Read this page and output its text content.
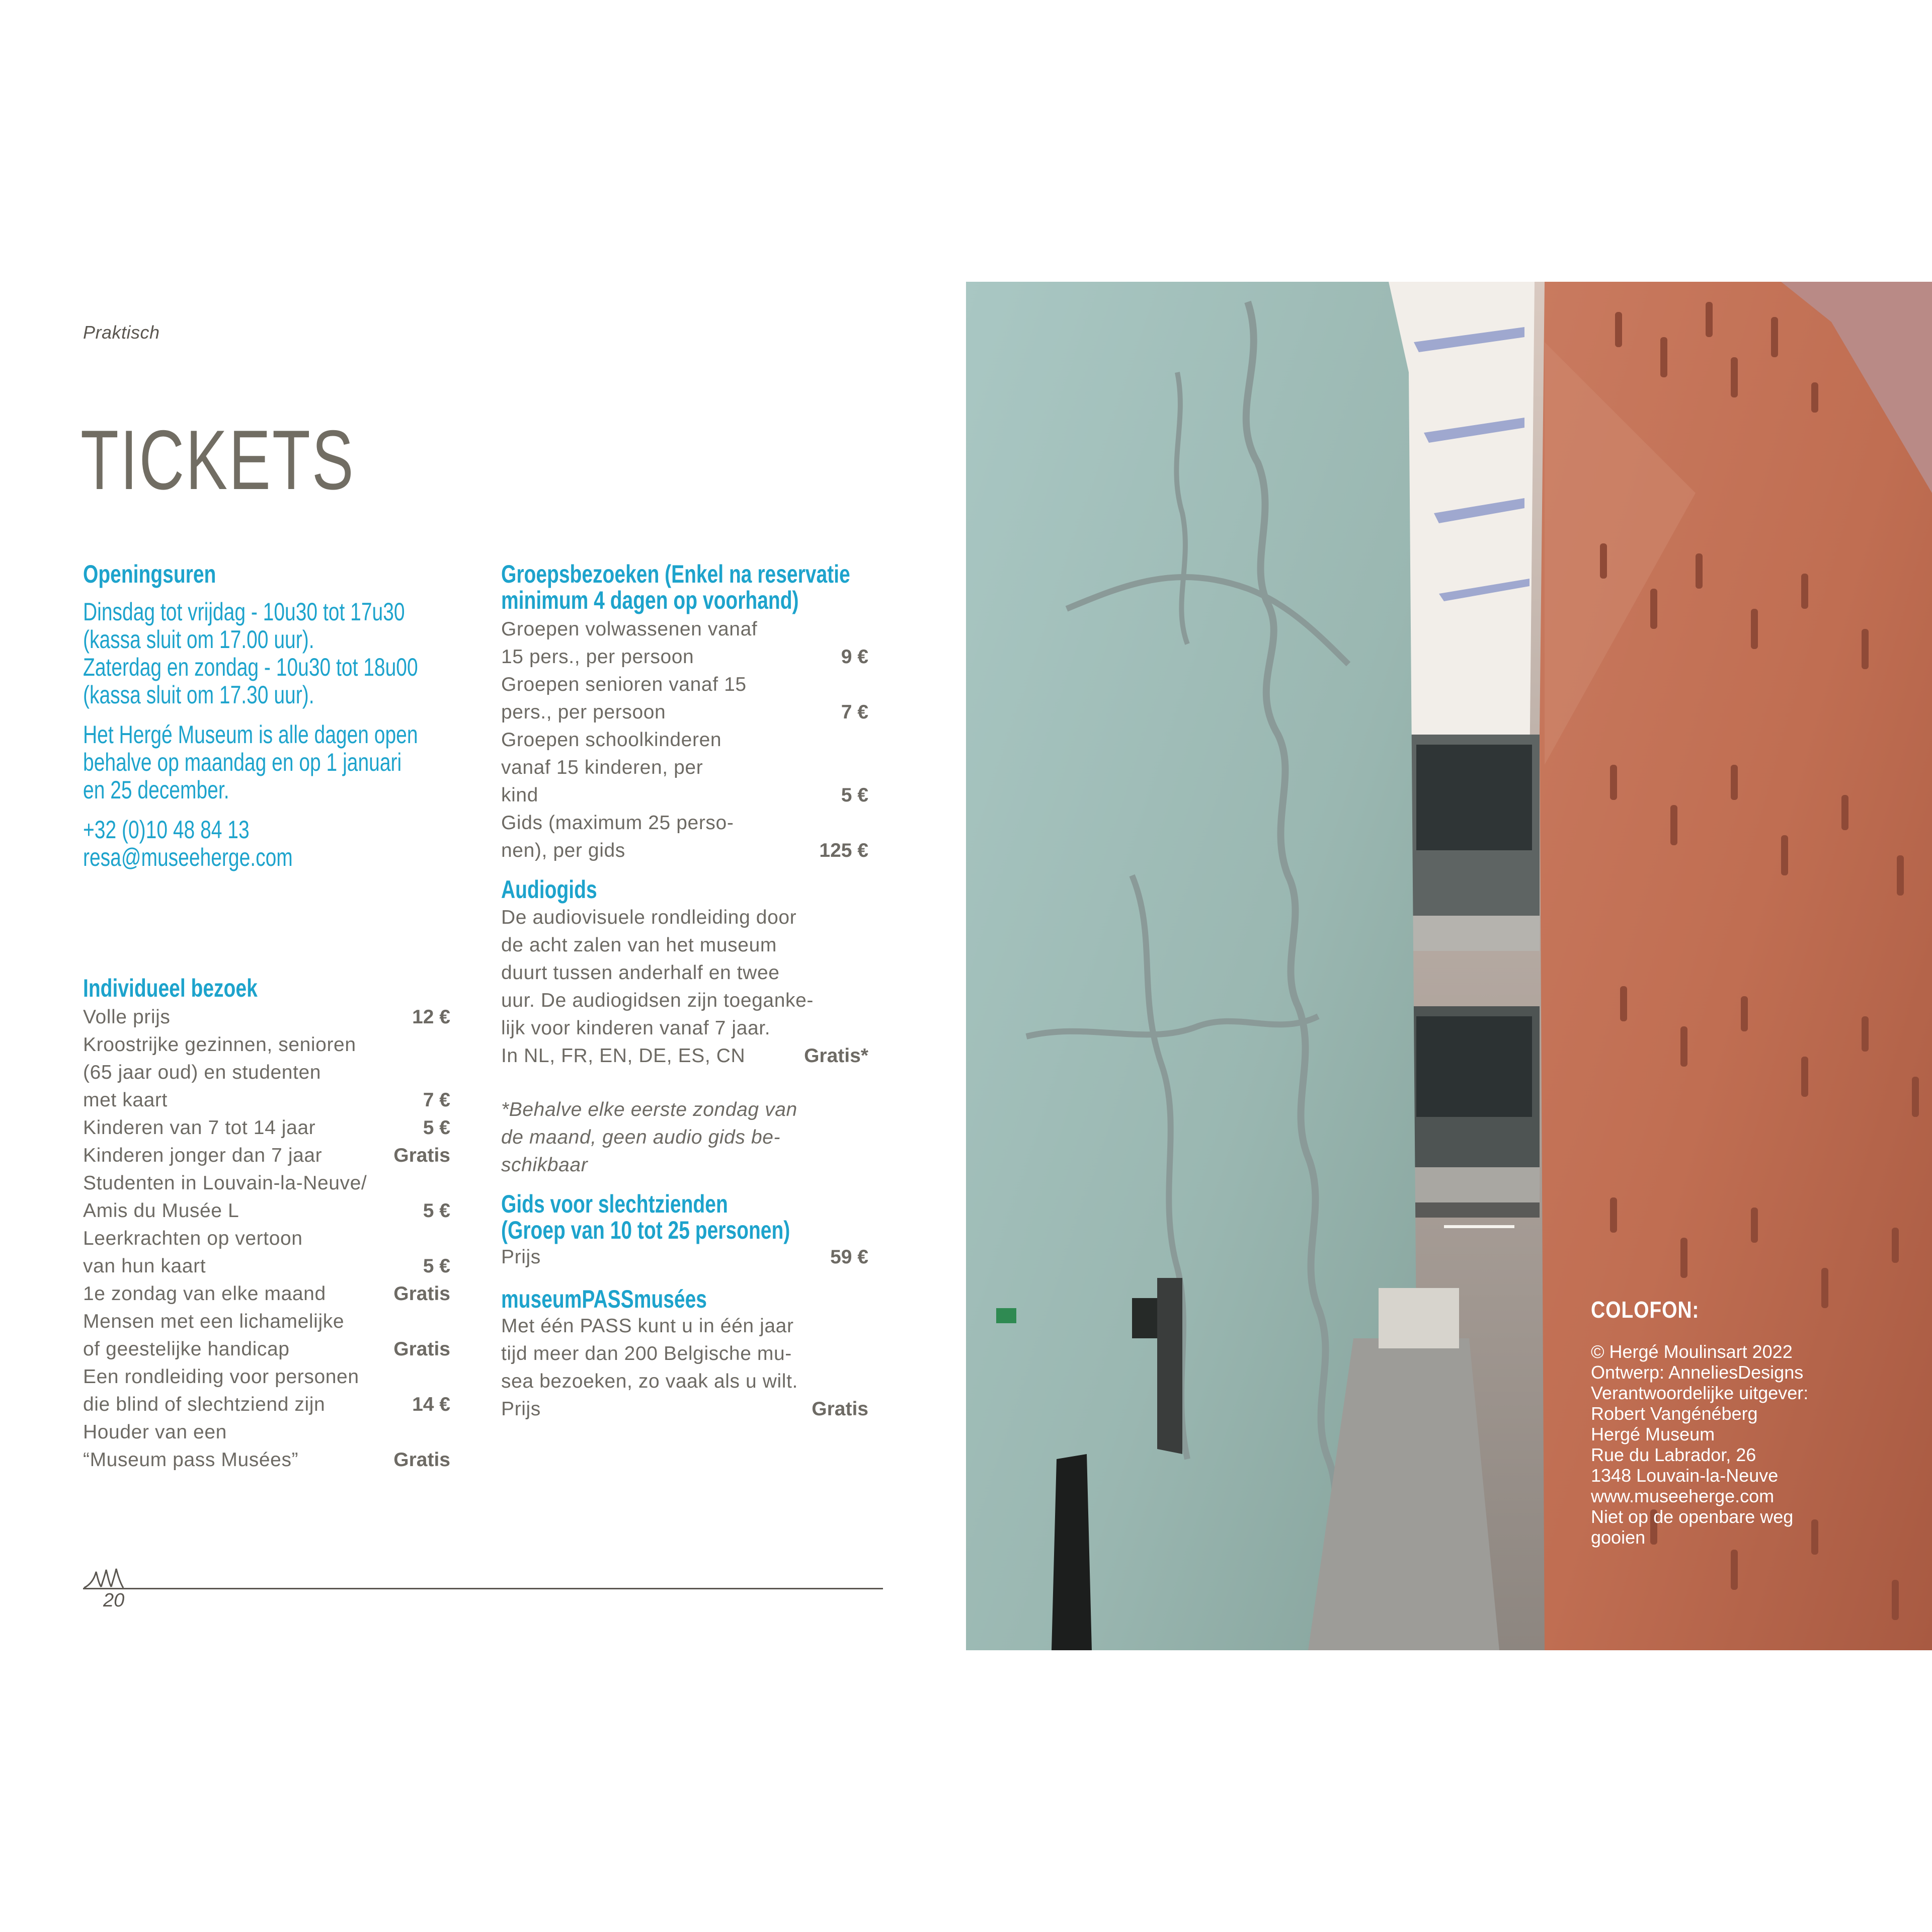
Praktisch
TICKETS
Openingsuren
Dinsdag tot vrijdag - 10u30 tot 17u30
(kassa sluit om 17.00 uur).
Zaterdag en zondag - 10u30 tot 18u00
(kassa sluit om 17.30 uur).
Het Hergé Museum is alle dagen open
behalve op maandag en op 1 januari
en 25 december.
+32 (0)10 48 84 13
resa@museeherge.com
Individueel bezoek
Volle prijs	12 €
Kroostrijke gezinnen, senioren
(65 jaar oud) en studenten
met kaart	7 €
Kinderen van 7 tot 14 jaar	5 €
Kinderen jonger dan 7 jaar	Gratis
Studenten in Louvain-la-Neuve/
Amis du Musée L	5 €
Leerkrachten op vertoon
van hun kaart	5 €
1e zondag van elke maand	Gratis
Mensen met een lichamelijke
of geestelijke handicap	Gratis
Een rondleiding voor personen
die blind of slechtziend zijn	14 €
Houder van een
“Museum pass Musées”	Gratis
Groepsbezoeken (Enkel na reservatie
minimum 4 dagen op voorhand)
Groepen volwassenen vanaf
15 pers., per persoon	9 €
Groepen senioren vanaf 15
pers., per persoon	7 €
Groepen schoolkinderen
vanaf 15 kinderen, per
kind	5 €
Gids (maximum 25 perso-
nen), per gids	125 €
Audiogids
De audiovisuele rondleiding door
de acht zalen van het museum
duurt tussen anderhalf en twee
uur. De audiogidsen zijn toeganke-
lijk voor kinderen vanaf 7 jaar.
In NL, FR, EN, DE, ES, CN	Gratis*
*Behalve elke eerste zondag van
de maand, geen audio gids be-
schikbaar
Gids voor slechtzienden
(Groep van 10 tot 25 personen)
Prijs	59 €
museumPASSmusées
Met één PASS kunt u in één jaar
tijd meer dan 200 Belgische mu-
sea bezoeken, zo vaak als u wilt.
Prijs	Gratis
20
COLOFON:
© Hergé Moulinsart 2022
Ontwerp: AnneliesDesigns
Verantwoordelijke uitgever:
Robert Vangénéberg
Hergé Museum
Rue du Labrador, 26
1348 Louvain-la-Neuve
www.museeherge.com
Niet op de openbare weg
gooien
